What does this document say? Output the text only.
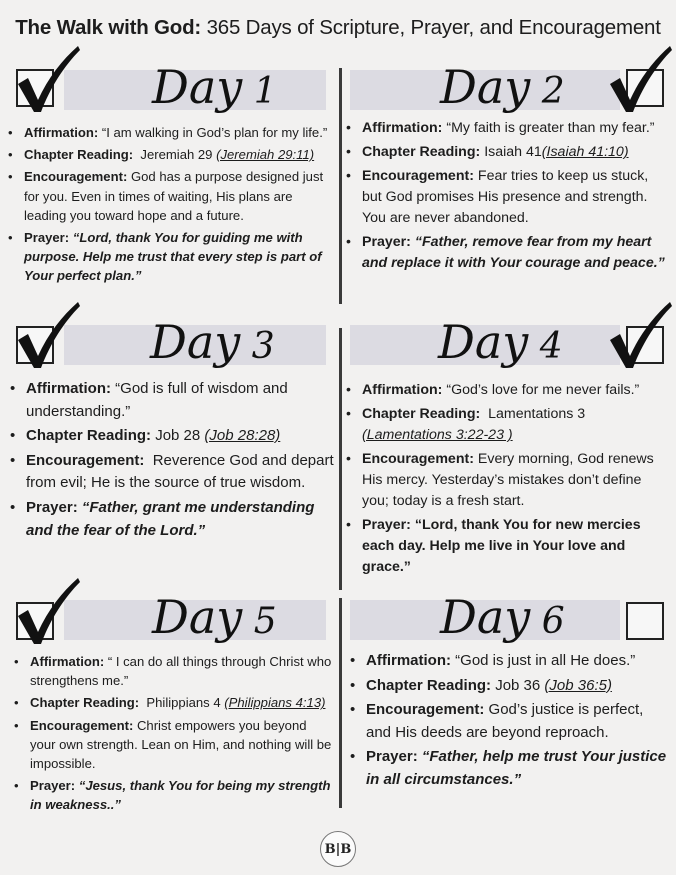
The Walk with God: 365 Days of Scripture, Prayer, and Encouragement
Day 1
• Affirmation: “I am walking in God’s plan for my life.”
• Chapter Reading: Jeremiah 29 (Jeremiah 29:11)
• Encouragement: God has a purpose designed just for you. Even in times of waiting, His plans are leading you toward hope and a future.
• Prayer: “Lord, thank You for guiding me with purpose. Help me trust that every step is part of Your perfect plan.”
Day 2
• Affirmation: “My faith is greater than my fear.”
• Chapter Reading: Isaiah 41(Isaiah 41:10)
• Encouragement: Fear tries to keep us stuck, but God promises His presence and strength. You are never abandoned.
• Prayer: “Father, remove fear from my heart and replace it with Your courage and peace.”
Day 3
• Affirmation: “God is full of wisdom and understanding.”
• Chapter Reading: Job 28 (Job 28:28)
• Encouragement: Reverence God and depart from evil; He is the source of true wisdom.
• Prayer: “Father, grant me understanding and the fear of the Lord.”
Day 4
• Affirmation: “God’s love for me never fails.”
• Chapter Reading: Lamentations 3 (Lamentations 3:22-23 )
• Encouragement: Every morning, God renews His mercy. Yesterday’s mistakes don’t define you; today is a fresh start.
• Prayer: “Lord, thank You for new mercies each day. Help me live in Your love and grace.”
Day 5
• Affirmation: “ I can do all things through Christ who strengthens me.”
• Chapter Reading: Philippians 4 (Philippians 4:13)
• Encouragement: Christ empowers you beyond your own strength. Lean on Him, and nothing will be impossible.
• Prayer: “Jesus, thank You for being my strength in weakness..”
Day 6
• Affirmation: “God is just in all He does.”
• Chapter Reading: Job 36 (Job 36:5)
• Encouragement: God’s justice is perfect, and His deeds are beyond reproach.
• Prayer: “Father, help me trust Your justice in all circumstances.”
B|B
